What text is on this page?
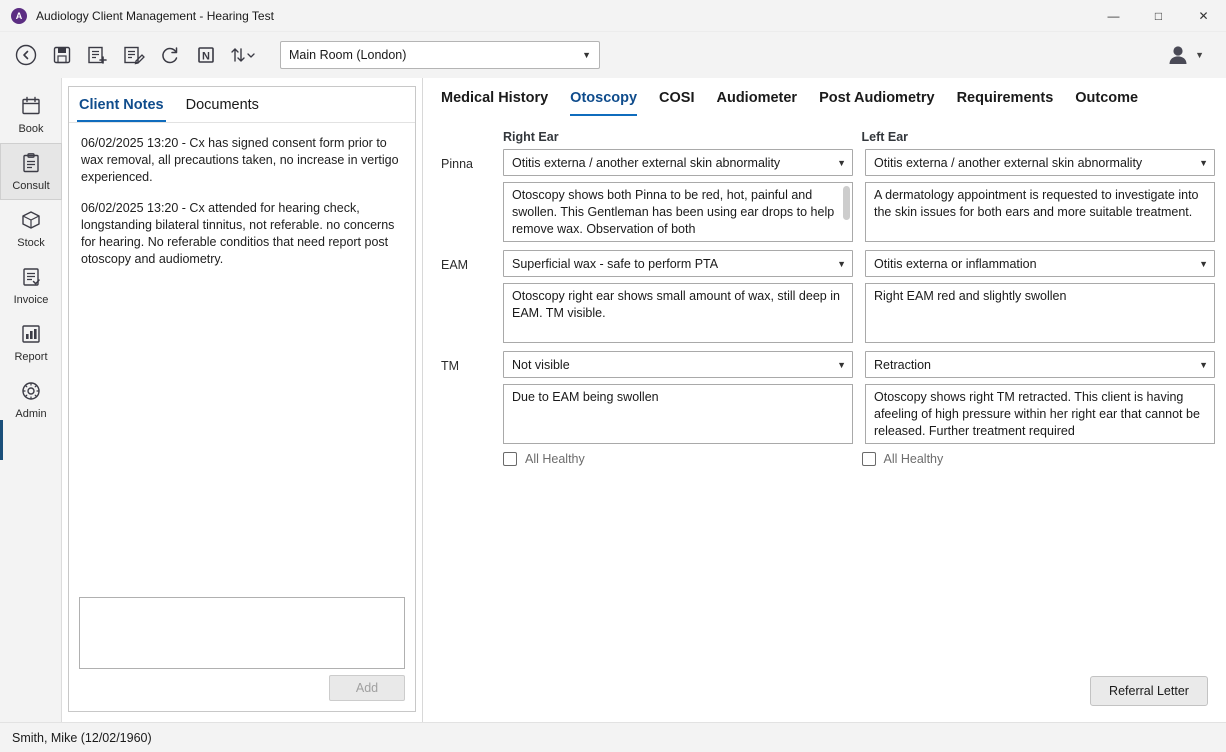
A	Audiology Client Management - Hearing Test	—	□	✕
N	Main Room (London)	▼	▼
Book
Consult
Stock
Invoice
Report
Admin
Client Notes Documents
06/02/2025 13:20 - Cx has signed consent form prior to wax removal, all precautions taken, no increase in vertigo experienced.
06/02/2025 13:20 - Cx attended for hearing check, longstanding bilateral tinnitus, not referable. no concerns for hearing. No referable conditios that need report post otoscopy and audiometry.
Add
Medical History Otoscopy COSI Audiometer Post Audiometry Requirements Outcome
Right Ear	Left Ear
Pinna	Otitis externa / another external skin abnormality	▼
Otoscopy shows both Pinna to be red, hot, painful and swollen. This Gentleman has been using ear drops to help remove wax. Observation of both
Otitis externa / another external skin abnormality	▼
A dermatology appointment is requested to investigate into the skin issues for both ears and more suitable treatment.
EAM	Superficial wax - safe to perform PTA	▼
Otoscopy right ear shows small amount of wax, still deep in EAM. TM visible.
Otitis externa or inflammation	▼
Right EAM red and slightly swollen
TM	Not visible	▼
Due to EAM being swollen
Retraction	▼
Otoscopy shows right TM retracted. This client is having afeeling of high pressure within her right ear that cannot be released. Further treatment required
All Healthy	All Healthy
Referral Letter
Smith, Mike (12/02/1960)
